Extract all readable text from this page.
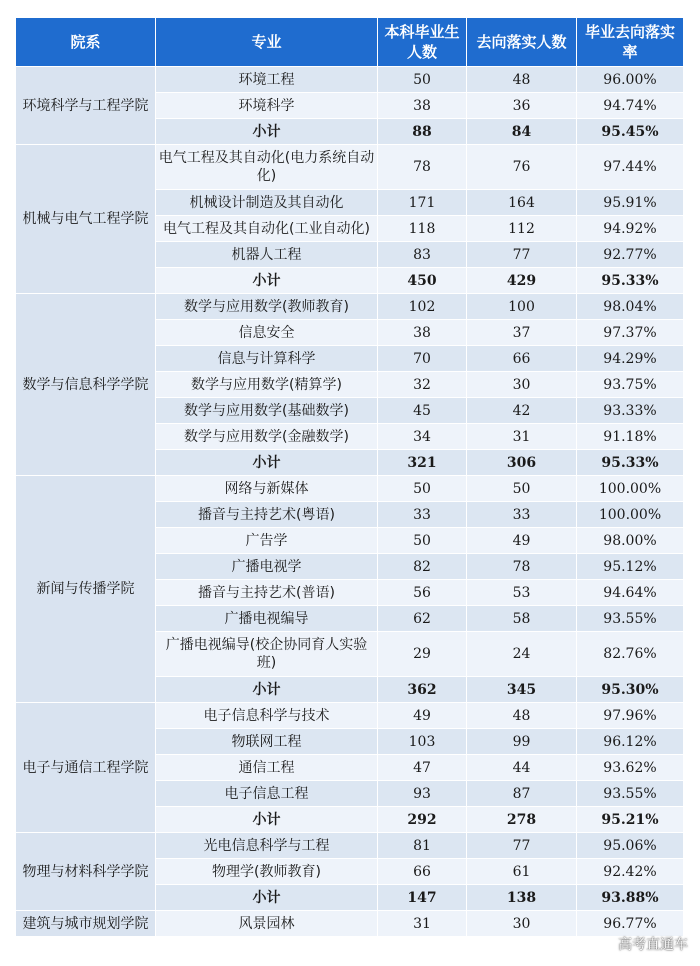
院系	专业	本科毕业生人数	去向落实人数	毕业去向落实率
环境科学与工程学院	环境工程	50	48	96.00%
	环境科学	38	36	94.74%
	小计	88	84	95.45%
机械与电气工程学院	电气工程及其自动化(电力系统自动化)	78	76	97.44%
	机械设计制造及其自动化	171	164	95.91%
	电气工程及其自动化(工业自动化)	118	112	94.92%
	机器人工程	83	77	92.77%
	小计	450	429	95.33%
数学与信息科学学院	数学与应用数学(教师教育)	102	100	98.04%
	信息安全	38	37	97.37%
	信息与计算科学	70	66	94.29%
	数学与应用数学(精算学)	32	30	93.75%
	数学与应用数学(基础数学)	45	42	93.33%
	数学与应用数学(金融数学)	34	31	91.18%
	小计	321	306	95.33%
新闻与传播学院	网络与新媒体	50	50	100.00%
	播音与主持艺术(粤语)	33	33	100.00%
	广告学	50	49	98.00%
	广播电视学	82	78	95.12%
	播音与主持艺术(普语)	56	53	94.64%
	广播电视编导	62	58	93.55%
	广播电视编导(校企协同育人实验班)	29	24	82.76%
	小计	362	345	95.30%
电子与通信工程学院	电子信息科学与技术	49	48	97.96%
	物联网工程	103	99	96.12%
	通信工程	47	44	93.62%
	电子信息工程	93	87	93.55%
	小计	292	278	95.21%
物理与材料科学学院	光电信息科学与工程	81	77	95.06%
	物理学(教师教育)	66	61	92.42%
	小计	147	138	93.88%
建筑与城市规划学院	风景园林	31	30	96.77%
高考直通车
